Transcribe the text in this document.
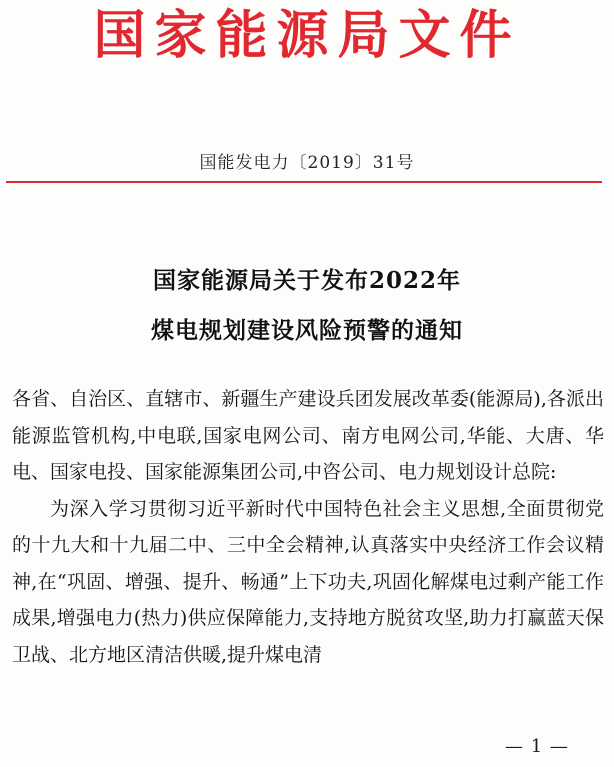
国家能源局文件
国能发电力〔2019〕31号
国家能源局关于发布2022年
煤电规划建设风险预警的通知

各省、自治区、直辖市、新疆生产建设兵团发展改革委(能源局),各派出能源监管机构,中电联,国家电网公司、南方电网公司,华能、大唐、华电、国家电投、国家能源集团公司,中咨公司、电力规划设计总院:

为深入学习贯彻习近平新时代中国特色社会主义思想,全面贯彻党的十九大和十九届二中、三中全会精神,认真落实中央经济工作会议精神,在“巩固、增强、提升、畅通”上下功夫,巩固化解煤电过剩产能工作成果,增强电力(热力)供应保障能力,支持地方脱贫攻坚,助力打赢蓝天保卫战、北方地区清洁供暖,提升煤电清

— 1 —
